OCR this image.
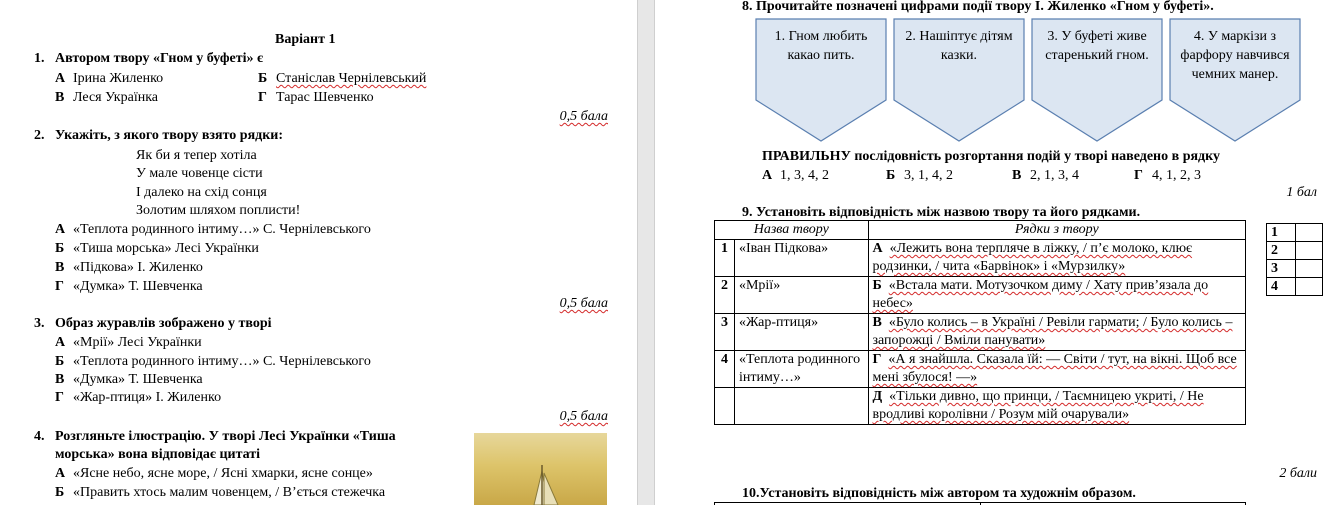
Варіант 1
1. Автором твору «Гном у буфеті» є
А Ірина Жиленко	Б Станіслав Чернілевський
В Леся Українка	Г Тарас Шевченко
0,5 бала
2. Укажіть, з якого твору взято рядки:
Як би я тепер хотіла
У мале човенце сісти
І далеко на схід сонця
Золотим шляхом поплисти!
А «Теплота родинного інтиму…» С. Чернілевського
Б «Тиша морська» Лесі Українки
В «Підкова» І. Жиленко
Г «Думка» Т. Шевченка
0,5 бала
3. Образ журавлів зображено у творі
А «Мрії» Лесі Українки
Б «Теплота родинного інтиму…» С. Чернілевського
В «Думка» Т. Шевченка
Г «Жар-птиця» І. Жиленко
0,5 бала
4. Розгляньте ілюстрацію. У творі Лесі Українки «Тиша
морська» вона відповідає цитаті
А «Ясне небо, ясне море, / Ясні хмарки, ясне сонце»
Б «Править хтось малим човенцем, / В’ється стежечка
8. Прочитайте позначені цифрами події твору І. Жиленко «Гном у буфеті».
1. Гном любить какао пить.
2. Нашіптує дітям казки.
3. У буфеті живе старенький гном.
4. У маркізи з фарфору навчився чемних манер.
ПРАВИЛЬНУ послідовність розгортання подій у творі наведено в рядку
А 1, 3, 4, 2	Б 3, 1, 4, 2	В 2, 1, 3, 4	Г 4, 1, 2, 3
1 бал
9. Установіть відповідність між назвою твору та його рядками.
Назва твору		Рядки з твору
1	«Іван Підкова»	А «Лежить вона терпляче в ліжку, / п’є молоко, клює родзинки, / чита «Барвінок» і «Мурзилку»
2	«Мрії»	Б «Встала мати. Мотузочком диму / Хату прив’язала до небес»
3	«Жар-птиця»	В «Було колись – в Україні / Ревіли гармати; / Було колись – запорожці / Вміли панувати»
4	«Теплота родинного інтиму…»	Г «А я знайшла. Сказала їй: — Світи / тут, на вікні. Щоб все мені збулося! —»
		Д «Тільки дивно, що принци, / Таємницею укриті, / Не вродливі королівни / Розум мій очарували»
1	
2	
3	
4	
2 бали
10.Установіть відповідність між автором та художнім образом.
